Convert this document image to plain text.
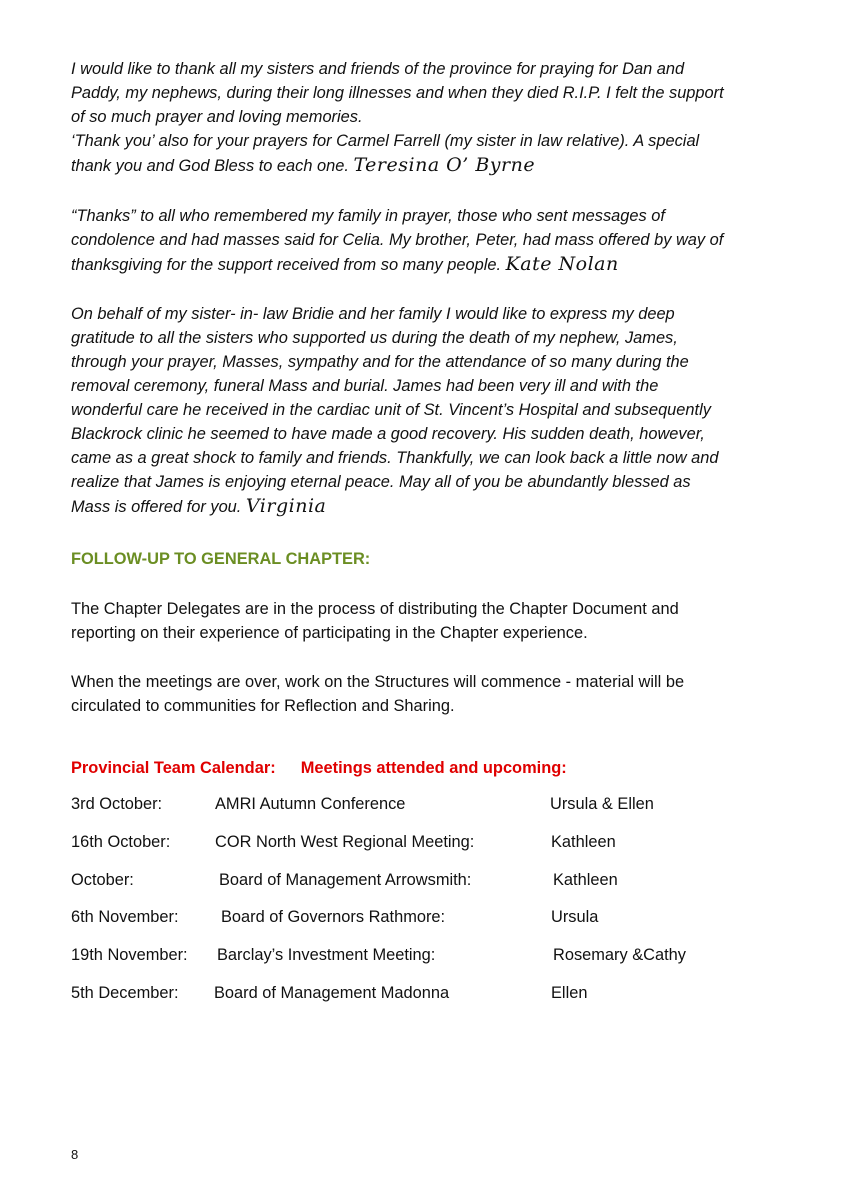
I would like to thank all my sisters and friends of the province for praying for Dan and
Paddy, my nephews, during their long illnesses and when they died R.I.P. I felt the support
of so much prayer and loving memories.
‘Thank you’ also for your prayers for Carmel Farrell (my sister in law relative). A special
thank you and God Bless to each one. Teresina O’ Byrne
“Thanks” to all who remembered my family in prayer, those who sent messages of
condolence and had masses said for Celia. My brother, Peter, had mass offered by way of
thanksgiving for the support received from so many people. Kate Nolan
On behalf of my sister- in- law Bridie and her family I would like to express my deep
gratitude to all the sisters who supported us during the death of my nephew, James,
through your prayer, Masses, sympathy and for the attendance of so many during the
removal ceremony, funeral Mass and burial. James had been very ill and with the
wonderful care he received in the cardiac unit of St. Vincent’s Hospital and subsequently
Blackrock clinic he seemed to have made a good recovery. His sudden death, however,
came as a great shock to family and friends. Thankfully, we can look back a little now and
realize that James is enjoying eternal peace. May all of you be abundantly blessed as
Mass is offered for you. Virginia
FOLLOW-UP TO GENERAL CHAPTER:
The Chapter Delegates are in the process of distributing the Chapter Document and
reporting on their experience of participating in the Chapter experience.
When the meetings are over, work on the Structures will commence - material will be
circulated to communities for Reflection and Sharing.
Provincial Team Calendar: Meetings attended and upcoming:
3rd October:	AMRI Autumn Conference	Ursula & Ellen
16th October:	COR North West Regional Meeting:	Kathleen
October:	Board of Management Arrowsmith:	Kathleen
6th November:	Board of Governors Rathmore:	Ursula
19th November: Barclay’s Investment Meeting:	Rosemary &Cathy
5th December: Board of Management Madonna	Ellen
8
